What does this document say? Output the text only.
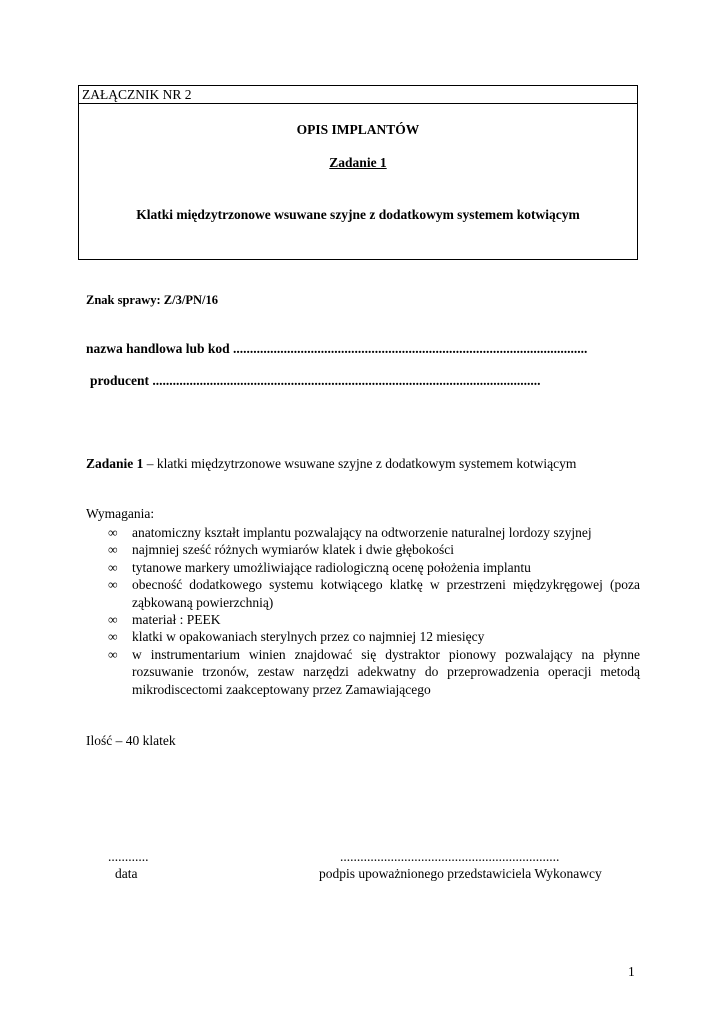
ZAŁĄCZNIK NR 2
OPIS IMPLANTÓW
Zadanie 1
Klatki międzytrzonowe wsuwane szyjne z dodatkowym systemem kotwiącym
Znak sprawy: Z/3/PN/16
nazwa handlowa lub kod .........................................................................................................
producent ...................................................................................................................
Zadanie 1 – klatki międzytrzonowe wsuwane szyjne z dodatkowym systemem kotwiącym
Wymagania:
∞ anatomiczny kształt implantu pozwalający na odtworzenie naturalnej lordozy szyjnej
∞ najmniej sześć różnych wymiarów klatek i dwie głębokości
∞ tytanowe markery umożliwiające radiologiczną ocenę położenia implantu
∞ obecność dodatkowego systemu kotwiącego klatkę w przestrzeni międzykręgowej (poza ząbkowaną powierzchnią)
∞ materiał : PEEK
∞ klatki w opakowaniach sterylnych przez co najmniej 12 miesięcy
∞ w instrumentarium winien znajdować się dystraktor pionowy pozwalający na płynne rozsuwanie trzonów, zestaw narzędzi adekwatny do przeprowadzenia operacji metodą mikrodiscectomi zaakceptowany przez Zamawiającego
Ilość – 40 klatek
............
data
.................................................................
podpis upoważnionego przedstawiciela Wykonawcy
1
